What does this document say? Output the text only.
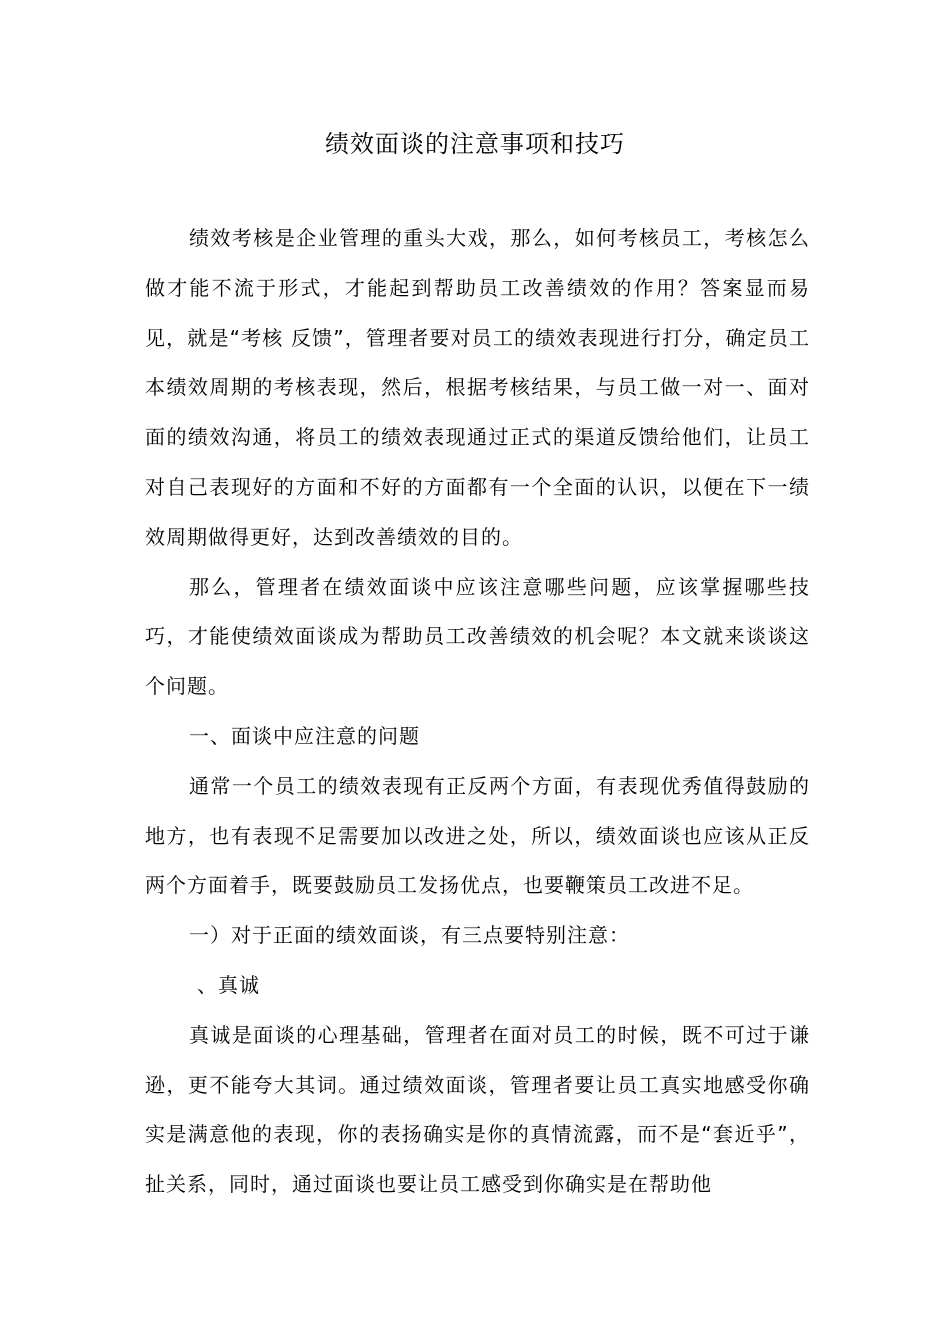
绩效面谈的注意事项和技巧

绩效考核是企业管理的重头大戏，那么，如何考核员工，考核怎么做才能不流于形式，才能起到帮助员工改善绩效的作用？答案显而易见，就是“考核 反馈”，管理者要对员工的绩效表现进行打分，确定员工本绩效周期的考核表现，然后，根据考核结果，与员工做一对一、面对面的绩效沟通，将员工的绩效表现通过正式的渠道反馈给他们，让员工对自己表现好的方面和不好的方面都有一个全面的认识，以便在下一绩效周期做得更好，达到改善绩效的目的。

那么，管理者在绩效面谈中应该注意哪些问题，应该掌握哪些技巧，才能使绩效面谈成为帮助员工改善绩效的机会呢？本文就来谈谈这个问题。

一、面谈中应注意的问题

通常一个员工的绩效表现有正反两个方面，有表现优秀值得鼓励的地方，也有表现不足需要加以改进之处，所以，绩效面谈也应该从正反两个方面着手，既要鼓励员工发扬优点，也要鞭策员工改进不足。

一）对于正面的绩效面谈，有三点要特别注意：

、真诚

真诚是面谈的心理基础，管理者在面对员工的时候，既不可过于谦逊，更不能夸大其词。通过绩效面谈，管理者要让员工真实地感受你确实是满意他的表现，你的表扬确实是你的真情流露，而不是“套近乎”，扯关系，同时，通过面谈也要让员工感受到你确实是在帮助他
